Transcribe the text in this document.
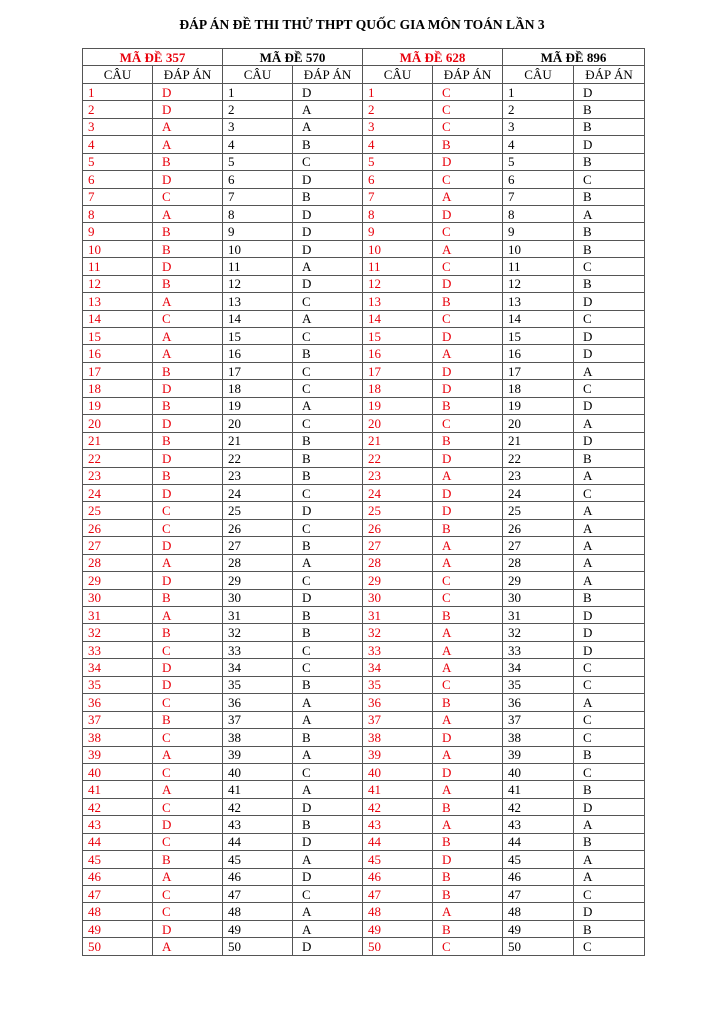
ĐÁP ÁN ĐỀ THI THỬ THPT QUỐC GIA MÔN TOÁN LẦN 3
MÃ ĐỀ 357		MÃ ĐỀ 570		MÃ ĐỀ 628		MÃ ĐỀ 896	
CÂU	ĐÁP ÁN	CÂU	ĐÁP ÁN	CÂU	ĐÁP ÁN	CÂU	ĐÁP ÁN
1	D	1	D	1	C	1	D
2	D	2	A	2	C	2	B
3	A	3	A	3	C	3	B
4	A	4	B	4	B	4	D
5	B	5	C	5	D	5	B
6	D	6	D	6	C	6	C
7	C	7	B	7	A	7	B
8	A	8	D	8	D	8	A
9	B	9	D	9	C	9	B
10	B	10	D	10	A	10	B
11	D	11	A	11	C	11	C
12	B	12	D	12	D	12	B
13	A	13	C	13	B	13	D
14	C	14	A	14	C	14	C
15	A	15	C	15	D	15	D
16	A	16	B	16	A	16	D
17	B	17	C	17	D	17	A
18	D	18	C	18	D	18	C
19	B	19	A	19	B	19	D
20	D	20	C	20	C	20	A
21	B	21	B	21	B	21	D
22	D	22	B	22	D	22	B
23	B	23	B	23	A	23	A
24	D	24	C	24	D	24	C
25	C	25	D	25	D	25	A
26	C	26	C	26	B	26	A
27	D	27	B	27	A	27	A
28	A	28	A	28	A	28	A
29	D	29	C	29	C	29	A
30	B	30	D	30	C	30	B
31	A	31	B	31	B	31	D
32	B	32	B	32	A	32	D
33	C	33	C	33	A	33	D
34	D	34	C	34	A	34	C
35	D	35	B	35	C	35	C
36	C	36	A	36	B	36	A
37	B	37	A	37	A	37	C
38	C	38	B	38	D	38	C
39	A	39	A	39	A	39	B
40	C	40	C	40	D	40	C
41	A	41	A	41	A	41	B
42	C	42	D	42	B	42	D
43	D	43	B	43	A	43	A
44	C	44	D	44	B	44	B
45	B	45	A	45	D	45	A
46	A	46	D	46	B	46	A
47	C	47	C	47	B	47	C
48	C	48	A	48	A	48	D
49	D	49	A	49	B	49	B
50	A	50	D	50	C	50	C
